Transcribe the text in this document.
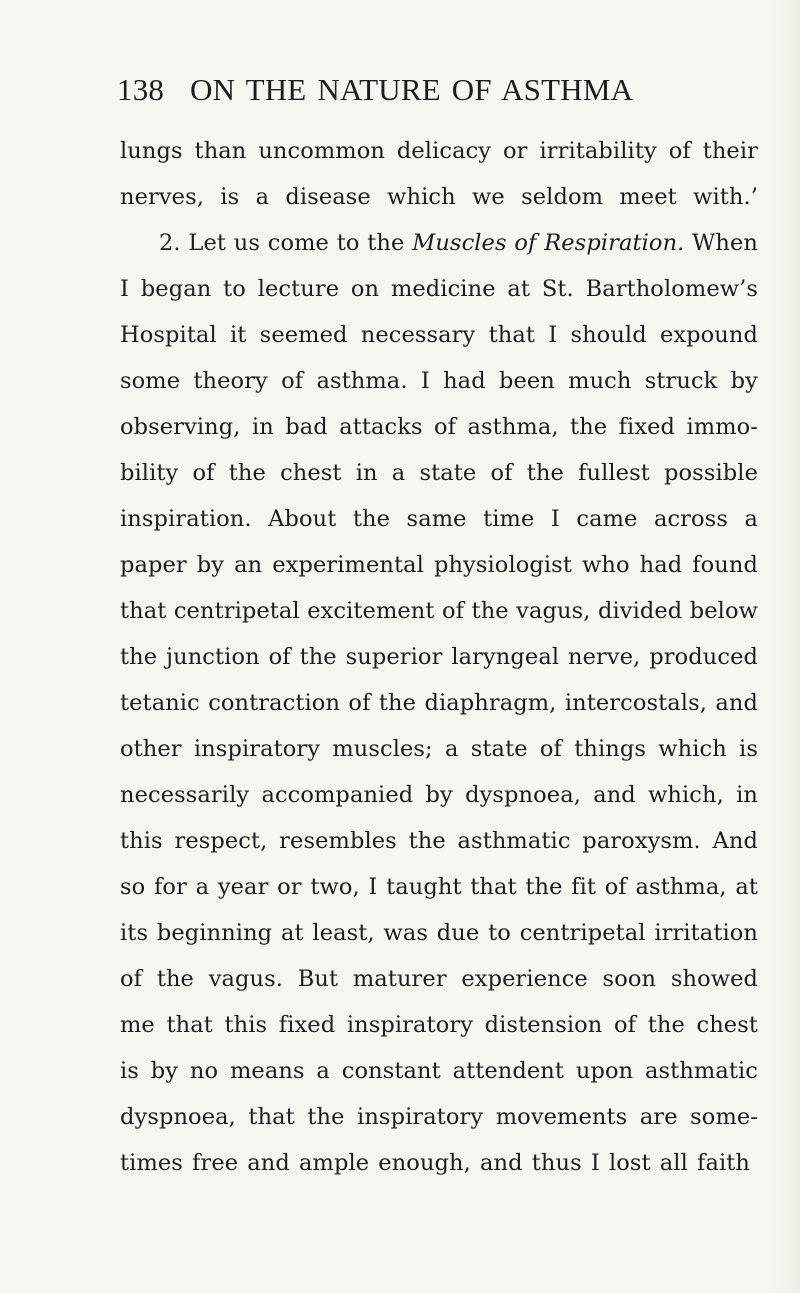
138 ON THE NATURE OF ASTHMA
lungs than uncommon delicacy or irritability of their
nerves, is a disease which we seldom meet with.’
2. Let us come to the Muscles of Respiration. When
I began to lecture on medicine at St. Bartholomew’s
Hospital it seemed necessary that I should expound
some theory of asthma. I had been much struck by
observing, in bad attacks of asthma, the fixed immo-
bility of the chest in a state of the fullest possible
inspiration. About the same time I came across a
paper by an experimental physiologist who had found
that centripetal excitement of the vagus, divided below
the junction of the superior laryngeal nerve, produced
tetanic contraction of the diaphragm, intercostals, and
other inspiratory muscles; a state of things which is
necessarily accompanied by dyspnoea, and which, in
this respect, resembles the asthmatic paroxysm. And
so for a year or two, I taught that the fit of asthma, at
its beginning at least, was due to centripetal irritation
of the vagus. But maturer experience soon showed
me that this fixed inspiratory distension of the chest
is by no means a constant attendent upon asthmatic
dyspnoea, that the inspiratory movements are some-
times free and ample enough, and thus I lost all faith
